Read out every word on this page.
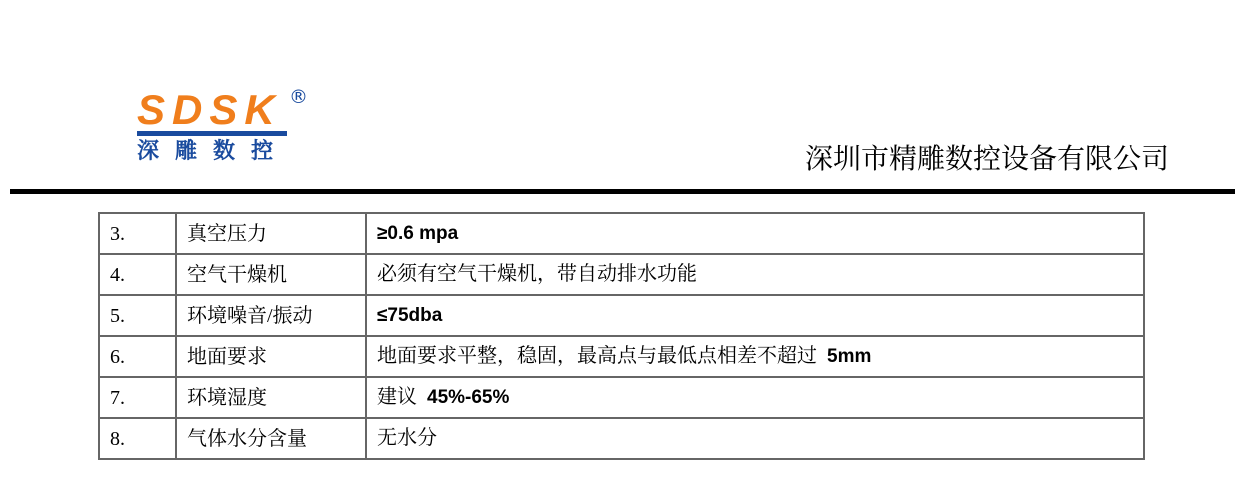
SDSK ®
深雕数控	深圳市精雕数控设备有限公司
3.	真空压力	≥0.6 mpa
4.	空气干燥机	必须有空气干燥机，带自动排水功能
5.	环境噪音/振动	≤75dba
6.	地面要求	地面要求平整，稳固，最高点与最低点相差不超过  5mm
7.	环境湿度	建议  45%-65%
8.	气体水分含量	无水分
